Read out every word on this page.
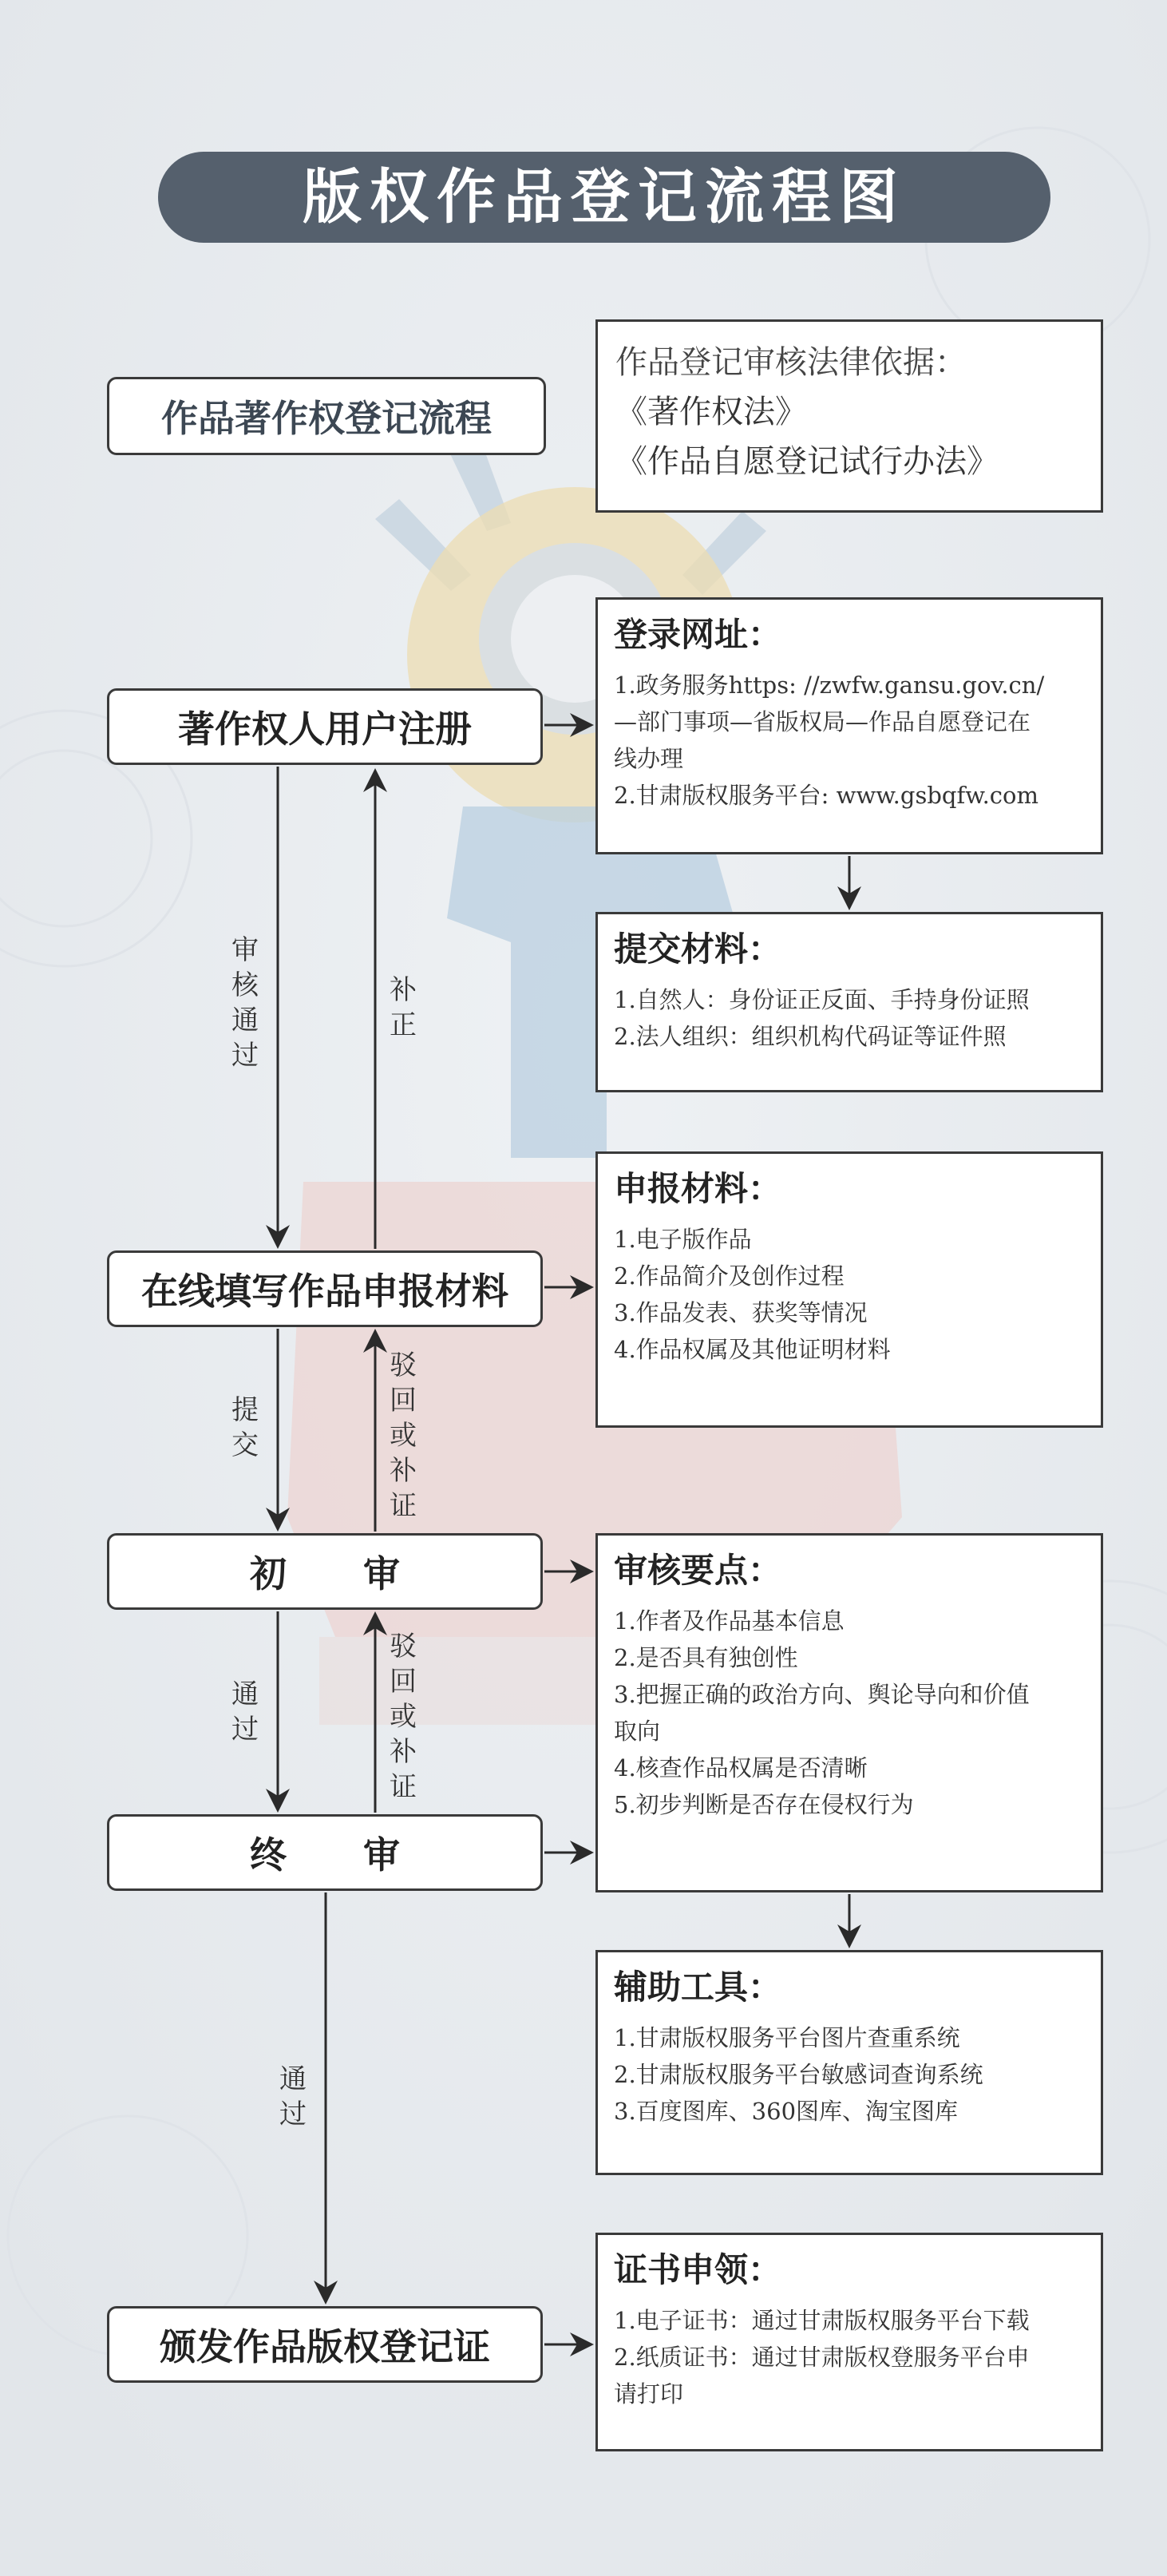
版权作品登记流程图
作品著作权登记流程

作品登记审核法律依据：

《著作权法》

《作品自愿登记试行办法》

著作权人用户注册
在线填写作品申报材料
初 审
终 审
颁发作品版权登记证
登录网址：

1.政务服务https: //zwfw.gansu.gov.cn/

—部门事项—省版权局—作品自愿登记在

线办理

2.甘肃版权服务平台: www.gsbqfw.com

提交材料：

1.自然人：身份证正反面、手持身份证照

2.法人组织：组织机构代码证等证件照

申报材料：

1.电子版作品

2.作品简介及创作过程

3.作品发表、获奖等情况

4.作品权属及其他证明材料

审核要点：

1.作者及作品基本信息

2.是否具有独创性

3.把握正确的政治方向、舆论导向和价值

取向

4.核查作品权属是否清晰

5.初步判断是否存在侵权行为

辅助工具：

1.甘肃版权服务平台图片查重系统

2.甘肃版权服务平台敏感词查询系统

3.百度图库、360图库、淘宝图库

证书申领：

1.电子证书：通过甘肃版权服务平台下载

2.纸质证书：通过甘肃版权登服务平台申

请打印

审核通过
补正
提交
驳回或补证
通过
驳回或补证
通过
